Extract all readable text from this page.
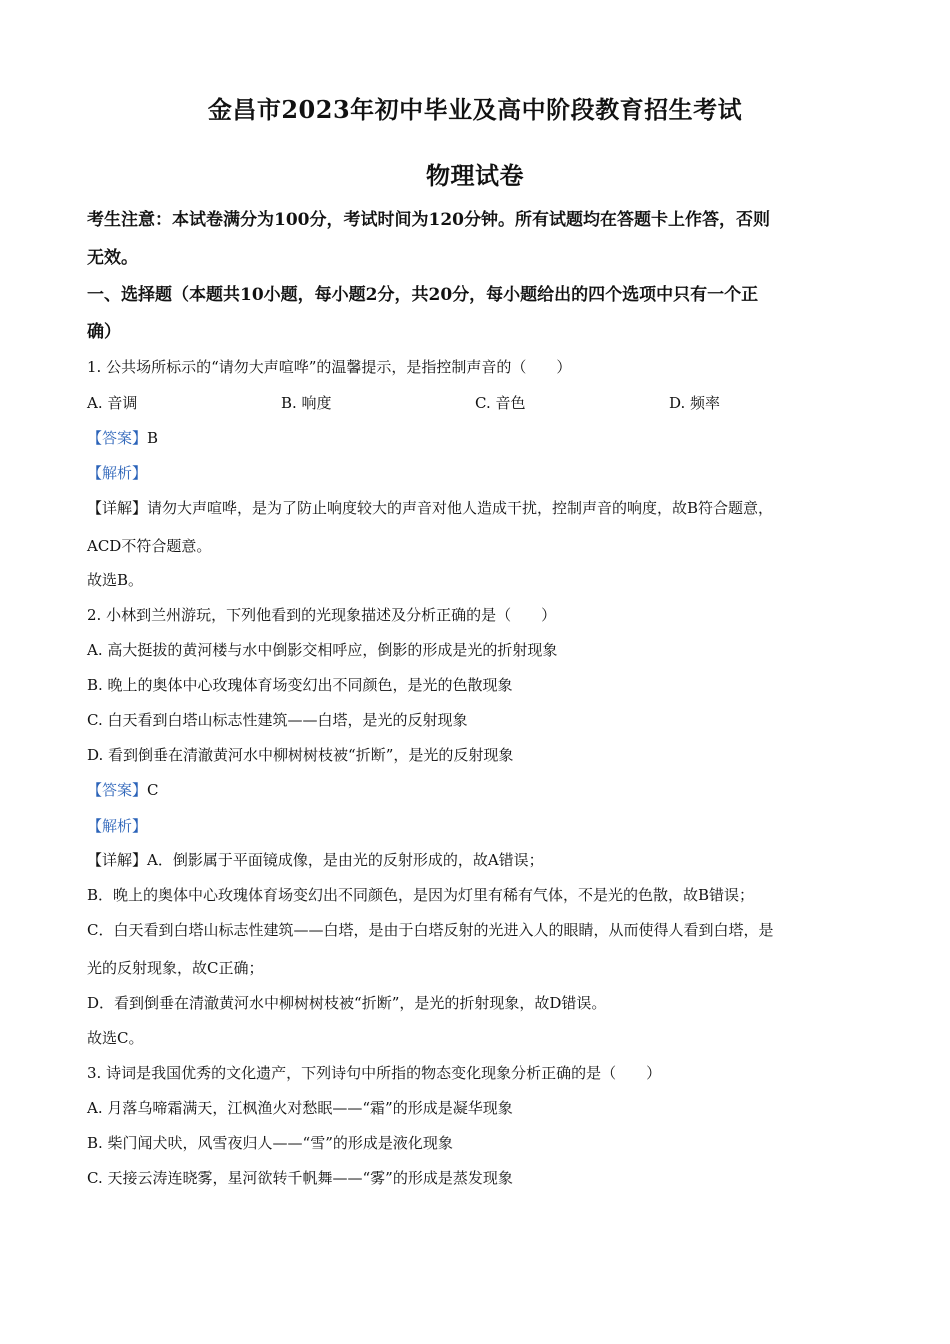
金昌市2023年初中毕业及高中阶段教育招生考试
物理试卷
考生注意：本试卷满分为100分，考试时间为120分钟。所有试题均在答题卡上作答，否则
无效。
一、选择题（本题共10小题，每小题2分，共20分，每小题给出的四个选项中只有一个正
确）
1. 公共场所标示的“请勿大声喧哗”的温馨提示，是指控制声音的（　　）
A. 音调	B. 响度	C. 音色	D. 频率
【答案】B
【解析】
【详解】请勿大声喧哗，是为了防止响度较大的声音对他人造成干扰，控制声音的响度，故B符合题意，
ACD不符合题意。
故选B。
2. 小林到兰州游玩，下列他看到的光现象描述及分析正确的是（　　）
A. 高大挺拔的黄河楼与水中倒影交相呼应，倒影的形成是光的折射现象
B. 晚上的奥体中心玫瑰体育场变幻出不同颜色，是光的色散现象
C. 白天看到白塔山标志性建筑——白塔，是光的反射现象
D. 看到倒垂在清澈黄河水中柳树树枝被“折断”，是光的反射现象
【答案】C
【解析】
【详解】A．倒影属于平面镜成像，是由光的反射形成的，故A错误；
B．晚上的奥体中心玫瑰体育场变幻出不同颜色，是因为灯里有稀有气体，不是光的色散，故B错误；
C．白天看到白塔山标志性建筑——白塔，是由于白塔反射的光进入人的眼睛，从而使得人看到白塔，是
光的反射现象，故C正确；
D．看到倒垂在清澈黄河水中柳树树枝被“折断”，是光的折射现象，故D错误。
故选C。
3. 诗词是我国优秀的文化遗产，下列诗句中所指的物态变化现象分析正确的是（　　）
A. 月落乌啼霜满天，江枫渔火对愁眠——“霜”的形成是凝华现象
B. 柴门闻犬吠，风雪夜归人——“雪”的形成是液化现象
C. 天接云涛连晓雾，星河欲转千帆舞——“雾”的形成是蒸发现象
